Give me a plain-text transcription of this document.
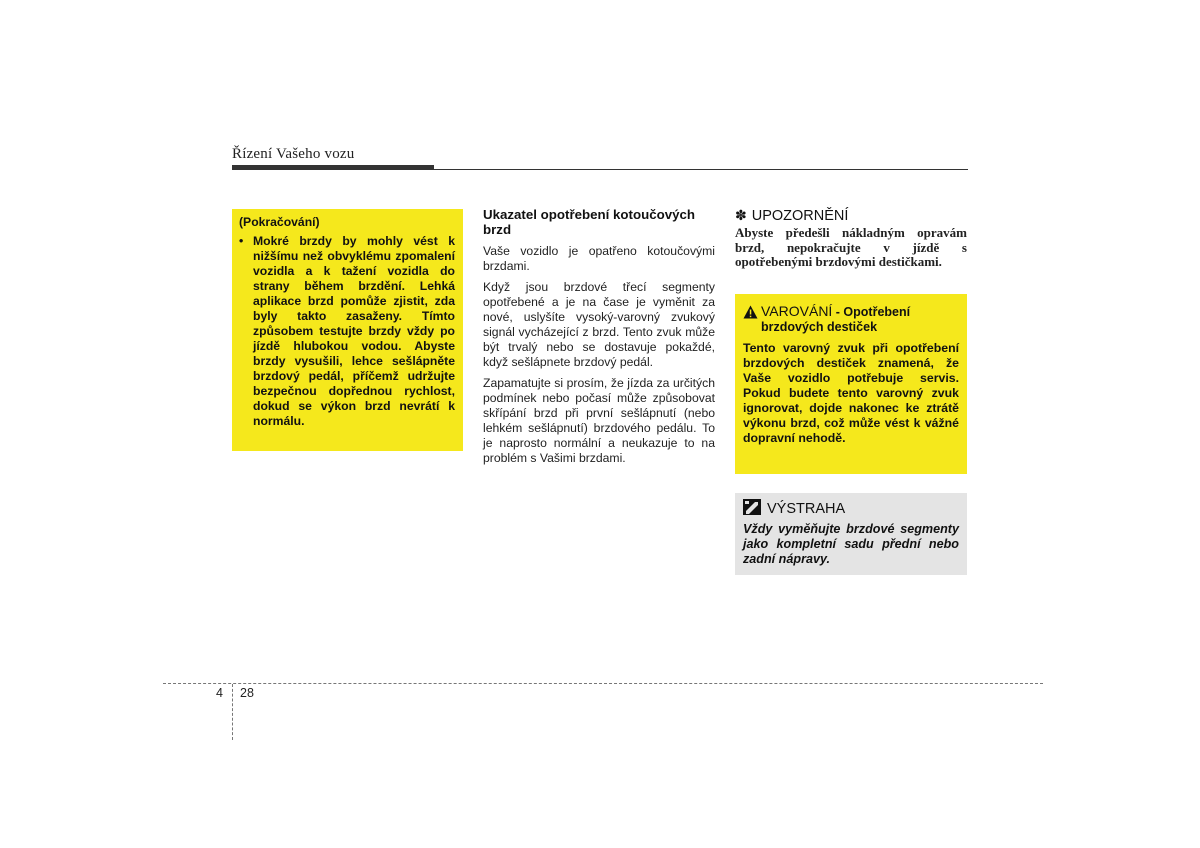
Řízení Vašeho vozu
(Pokračování)
• Mokré brzdy by mohly vést k nižšímu než obvyklému zpomalení vozidla a k tažení vozidla do strany během brzdění. Lehká aplikace brzd pomůže zjistit, zda byly takto zasaženy. Tímto způsobem testujte brzdy vždy po jízdě hlubokou vodou. Abyste brzdy vysušili, lehce sešlápněte brzdový pedál, příčemž udržujte bezpečnou dopřednou rychlost, dokud se výkon brzd nevrátí k normálu.
Ukazatel opotřebení kotoučových brzd

Vaše vozidlo je opatřeno kotoučovými brzdami.

Když jsou brzdové třecí segmenty opotřebené a je na čase je vyměnit za nové, uslyšíte vysoký-varovný zvukový signál vycházející z brzd. Tento zvuk může být trvalý nebo se dostavuje pokaždé, když sešlápnete brzdový pedál.

Zapamatujte si prosím, že jízda za určitých podmínek nebo počasí může způsobovat skřípání brzd při první sešlápnutí (nebo lehkém sešlápnutí) brzdového pedálu. To je naprosto normální a neukazuje to na problém s Vašimi brzdami.

✽ UPOZORNĚNÍ
Abyste předešli nákladným opravám brzd, nepokračujte v jízdě s opotřebenými brzdovými destičkami.
VAROVÁNÍ - Opotřebení brzdových destiček
Tento varovný zvuk při opotřebení brzdových destiček znamená, že Vaše vozidlo potřebuje servis. Pokud budete tento varovný zvuk ignorovat, dojde nakonec ke ztrátě výkonu brzd, což může vést k vážné dopravní nehodě.
VÝSTRAHA
Vždy vyměňujte brzdové segmenty jako kompletní sadu přední nebo zadní nápravy.
4 28
